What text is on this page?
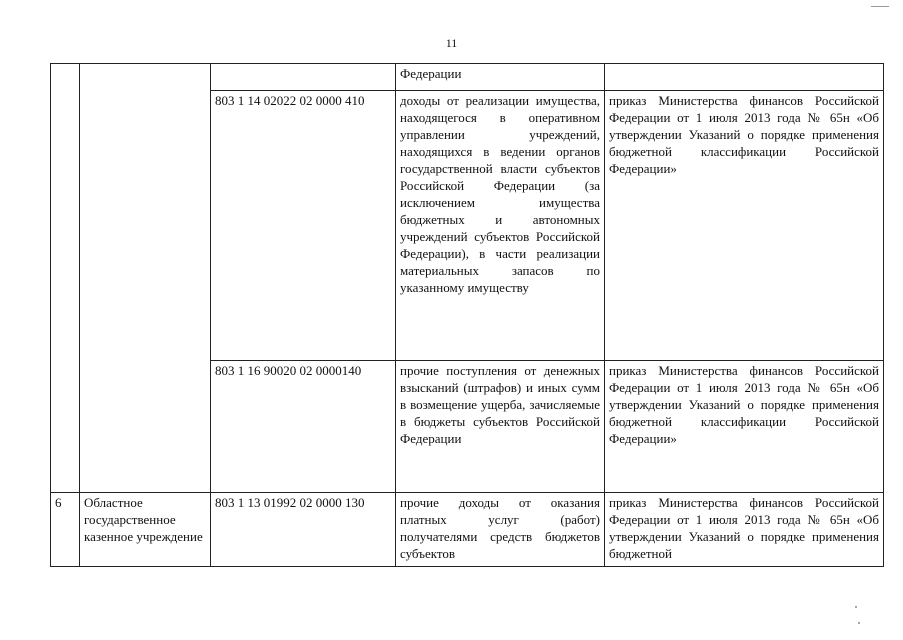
11
			Федерации	
		803 1 14 02022 02 0000 410	доходы от реализации имущества, находящегося в оперативном управлении учреждений, находящихся в ведении органов государственной власти субъектов Российской Федерации (за исключением имущества бюджетных и автономных учреждений субъектов Российской Федерации), в части реализации материальных запасов по указанному имуществу	приказ Министерства финансов Российской Федерации от 1 июля 2013 года № 65н «Об утверждении Указаний о порядке применения бюджетной классификации Российской Федерации»
		803 1 16 90020 02 0000140	прочие поступления от денежных взысканий (штрафов) и иных сумм в возмещение ущерба, зачисляемые в бюджеты субъектов Российской Федерации	приказ Министерства финансов Российской Федерации от 1 июля 2013 года № 65н «Об утверждении Указаний о порядке применения бюджетной классификации Российской Федерации»
6	Областное государственное казенное учреждение	803 1 13 01992 02 0000 130	прочие доходы от оказания платных услуг (работ) получателями средств бюджетов субъектов	приказ Министерства финансов Российской Федерации от 1 июля 2013 года № 65н «Об утверждении Указаний о порядке применения бюджетной
